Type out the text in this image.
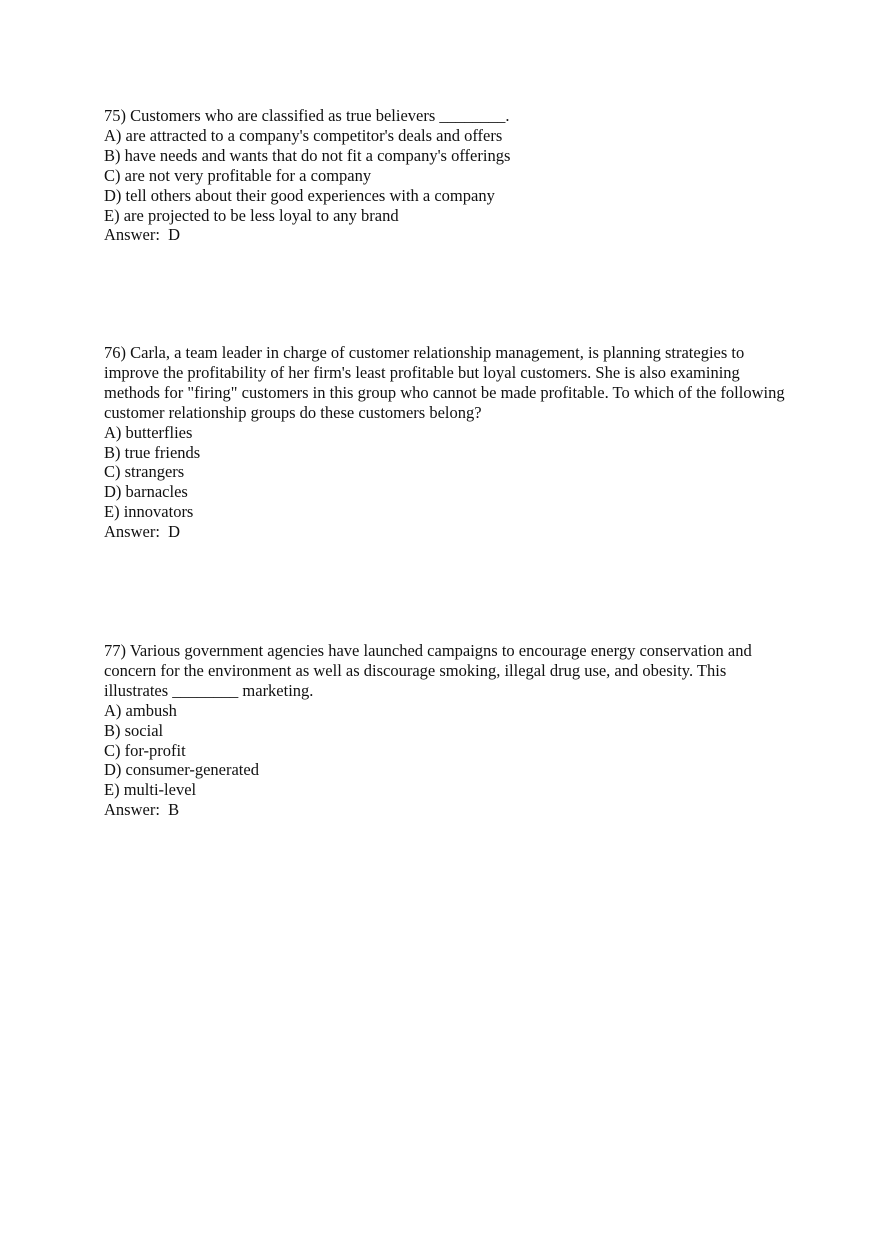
75) Customers who are classified as true believers ________.

A) are attracted to a company's competitor's deals and offers
B) have needs and wants that do not fit a company's offerings
C) are not very profitable for a company
D) tell others about their good experiences with a company
E) are projected to be less loyal to any brand

Answer:  D

76) Carla, a team leader in charge of customer relationship management, is planning strategies to improve the profitability of her firm's least profitable but loyal customers. She is also examining methods for "firing" customers in this group who cannot be made profitable. To which of the following customer relationship groups do these customers belong?

A) butterflies
B) true friends
C) strangers
D) barnacles
E) innovators

Answer:  D

77) Various government agencies have launched campaigns to encourage energy conservation and concern for the environment as well as discourage smoking, illegal drug use, and obesity. This illustrates ________ marketing.

A) ambush
B) social
C) for-profit
D) consumer-generated
E) multi-level

Answer:  B
